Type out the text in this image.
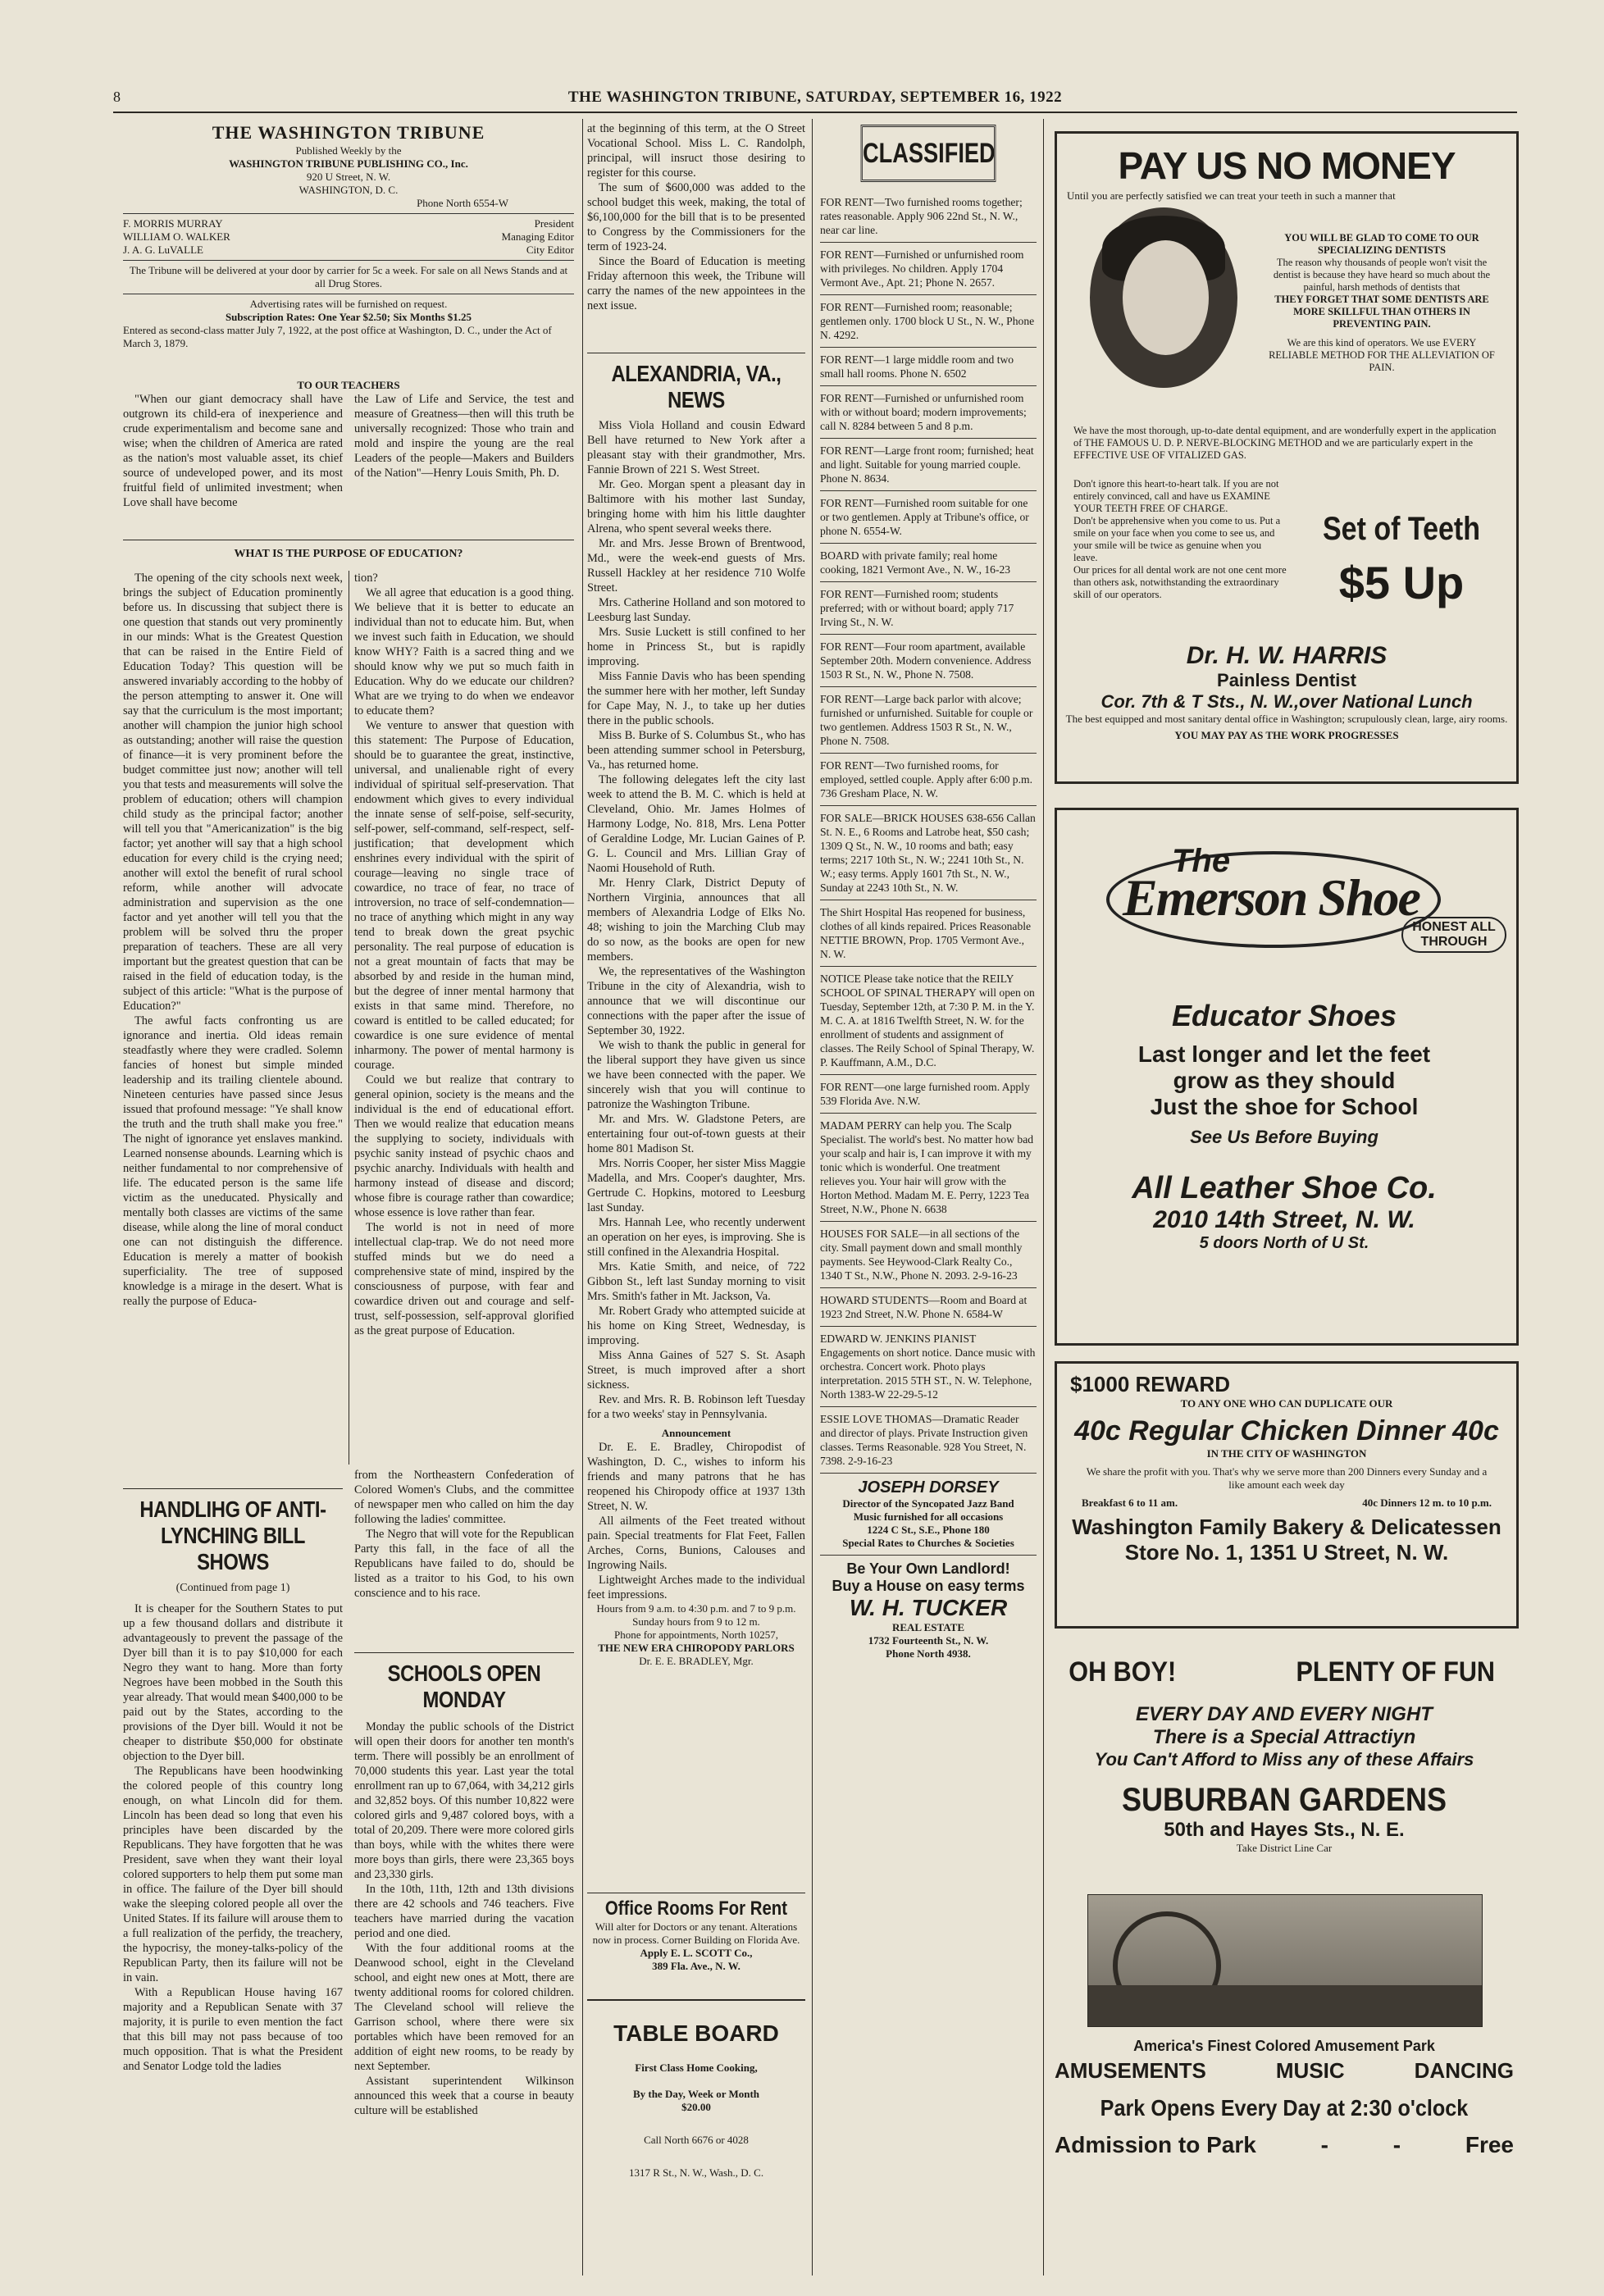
8	THE WASHINGTON TRIBUNE, SATURDAY, SEPTEMBER 16, 1922
THE WASHINGTON TRIBUNE
Published Weekly by the
WASHINGTON TRIBUNE PUBLISHING CO., Inc.
920 U Street, N. W.
WASHINGTON, D. C.
Phone North 6554-W
F. MORRIS MURRAY	President
WILLIAM O. WALKER	Managing Editor
J. A. G. LuVALLE	City Editor
The Tribune will be delivered at your door by carrier for 5c a week. For sale on all News Stands and at all Drug Stores.
Advertising rates will be furnished on request.
Subscription Rates: One Year $2.50; Six Months $1.25
Entered as second-class matter July 7, 1922, at the post office at Washington, D. C., under the Act of March 3, 1879.
TO OUR TEACHERS

"When our giant democracy shall have outgrown its child-era of inexperience and crude experimentalism and become sane and wise; when the children of America are rated as the nation's most valuable asset, its chief source of undeveloped power, and its most fruitful field of unlimited investment; when Love shall have become

the Law of Life and Service, the test and measure of Greatness—then will this truth be universally recognized: Those who train and mold and inspire the young are the real Leaders of the people—Makers and Builders of the Nation"—Henry Louis Smith, Ph. D.

WHAT IS THE PURPOSE OF EDUCATION?

The opening of the city schools next week, brings the subject of Education prominently before us. In discussing that subject there is one question that stands out very prominently in our minds: What is the Greatest Question that can be raised in the Entire Field of Education Today? This question will be answered invariably according to the hobby of the person attempting to answer it. One will say that the curriculum is the most important; another will champion the junior high school as outstanding; another will raise the question of finance—it is very prominent before the budget committee just now; another will tell you that tests and measurements will solve the problem of education; others will champion child study as the principal factor; another will tell you that "Americanization" is the big factor; yet another will say that a high school education for every child is the crying need; another will extol the benefit of rural school reform, while another will advocate administration and supervision as the one factor and yet another will tell you that the problem will be solved thru the proper preparation of teachers. These are all very important but the greatest question that can be raised in the field of education today, is the subject of this article: "What is the purpose of Education?"

The awful facts confronting us are ignorance and inertia. Old ideas remain steadfastly where they were cradled. Solemn fancies of honest but simple minded leadership and its trailing clientele abound. Nineteen centuries have passed since Jesus issued that profound message: "Ye shall know the truth and the truth shall make you free." The night of ignorance yet enslaves mankind. Learned nonsense abounds. Learning which is neither fundamental to nor comprehensive of life. The educated person is the same life victim as the uneducated. Physically and mentally both classes are victims of the same disease, while along the line of moral conduct one can not distinguish the difference. Education is merely a matter of bookish superficiality. The tree of supposed knowledge is a mirage in the desert. What is really the purpose of Educa-

tion?

We all agree that education is a good thing. We believe that it is better to educate an individual than not to educate him. But, when we invest such faith in Education, we should know WHY? Faith is a sacred thing and we should know why we put so much faith in Education. Why do we educate our children? What are we trying to do when we endeavor to educate them?

We venture to answer that question with this statement: The Purpose of Education, should be to guarantee the great, instinctive, universal, and unalienable right of every individual of spiritual self-preservation. That endowment which gives to every individual the innate sense of self-poise, self-security, self-power, self-command, self-respect, self-justification; that development which enshrines every individual with the spirit of courage—leaving no single trace of cowardice, no trace of fear, no trace of introversion, no trace of self-condemnation—no trace of anything which might in any way tend to break down the great psychic personality. The real purpose of education is not a great mountain of facts that may be absorbed by and reside in the human mind, but the degree of inner mental harmony that exists in that same mind. Therefore, no coward is entitled to be called educated; for cowardice is one sure evidence of mental inharmony. The power of mental harmony is courage.

Could we but realize that contrary to general opinion, society is the means and the individual is the end of educational effort. Then we would realize that education means the supplying to society, individuals with psychic sanity instead of psychic chaos and psychic anarchy. Individuals with health and harmony instead of disease and discord; whose fibre is courage rather than cowardice; whose essence is love rather than fear.

The world is not in need of more intellectual clap-trap. We do not need more stuffed minds but we do need a comprehensive state of mind, inspired by the consciousness of purpose, with fear and cowardice driven out and courage and self-trust, self-possession, self-approval glorified as the great purpose of Education.

HANDLIHG OF ANTI-
LYNCHING BILL SHOWS
(Continued from page 1)

It is cheaper for the Southern States to put up a few thousand dollars and distribute it advantageously to prevent the passage of the Dyer bill than it is to pay $10,000 for each Negro they want to hang. More than forty Negroes have been mobbed in the South this year already. That would mean $400,000 to be paid out by the States, according to the provisions of the Dyer bill. Would it not be cheaper to distribute $50,000 for obstinate objection to the Dyer bill.

The Republicans have been hoodwinking the colored people of this country long enough, on what Lincoln did for them. Lincoln has been dead so long that even his principles have been discarded by the Republicans. They have forgotten that he was President, save when they want their loyal colored supporters to help them put some man in office. The failure of the Dyer bill should wake the sleeping colored people all over the United States. If its failure will arouse them to a full realization of the perfidy, the treachery, the hypocrisy, the money-talks-policy of the Republican Party, then its failure will not be in vain.

With a Republican House having 167 majority and a Republican Senate with 37 majority, it is purile to even mention the fact that this bill may not pass because of too much opposition. That is what the President and Senator Lodge told the ladies

from the Northeastern Confederation of Colored Women's Clubs, and the committee of newspaper men who called on him the day following the ladies' committee.

The Negro that will vote for the Republican Party this fall, in the face of all the Republicans have failed to do, should be listed as a traitor to his God, to his own conscience and to his race.

SCHOOLS OPEN MONDAY

Monday the public schools of the District will open their doors for another ten month's term. There will possibly be an enrollment of 70,000 students this year. Last year the total enrollment ran up to 67,064, with 34,212 girls and 32,852 boys. Of this number 10,822 were colored girls and 9,487 colored boys, with a total of 20,209. There were more colored girls than boys, while with the whites there were more boys than girls, there were 23,365 boys and 23,330 girls.

In the 10th, 11th, 12th and 13th divisions there are 42 schools and 746 teachers. Five teachers have married during the vacation period and one died.

With the four additional rooms at the Deanwood school, eight in the Cleveland school, and eight new ones at Mott, there are twenty additional rooms for colored children. The Cleveland school will relieve the Garrison school, where there were six portables which have been removed for an addition of eight new rooms, to be ready by next September.

Assistant superintendent Wilkinson announced this week that a course in beauty culture will be established

at the beginning of this term, at the O Street Vocational School. Miss L. C. Randolph, principal, will insruct those desiring to register for this course.

The sum of $600,000 was added to the school budget this week, making, the total of $6,100,000 for the bill that is to be presented to Congress by the Commissioners for the term of 1923-24.

Since the Board of Education is meeting Friday afternoon this week, the Tribune will carry the names of the new appointees in the next issue.

ALEXANDRIA, VA., NEWS

Miss Viola Holland and cousin Edward Bell have returned to New York after a pleasant stay with their grandmother, Mrs. Fannie Brown of 221 S. West Street.

Mr. Geo. Morgan spent a pleasant day in Baltimore with his mother last Sunday, bringing home with him his little daughter Alrena, who spent several weeks there.

Mr. and Mrs. Jesse Brown of Brentwood, Md., were the week-end guests of Mrs. Russell Hackley at her residence 710 Wolfe Street.

Mrs. Catherine Holland and son motored to Leesburg last Sunday.

Mrs. Susie Luckett is still confined to her home in Princess St., but is rapidly improving.

Miss Fannie Davis who has been spending the summer here with her mother, left Sunday for Cape May, N. J., to take up her duties there in the public schools.

Miss B. Burke of S. Columbus St., who has been attending summer school in Petersburg, Va., has returned home.

The following delegates left the city last week to attend the B. M. C. which is held at Cleveland, Ohio. Mr. James Holmes of Harmony Lodge, No. 818, Mrs. Lena Potter of Geraldine Lodge, Mr. Lucian Gaines of P. G. L. Council and Mrs. Lillian Gray of Naomi Household of Ruth.

Mr. Henry Clark, District Deputy of Northern Virginia, announces that all members of Alexandria Lodge of Elks No. 48; wishing to join the Marching Club may do so now, as the books are open for new members.

We, the representatives of the Washington Tribune in the city of Alexandria, wish to announce that we will discontinue our connections with the paper after the issue of September 30, 1922.

We wish to thank the public in general for the liberal support they have given us since we have been connected with the paper. We sincerely wish that you will continue to patronize the Washington Tribune.

Mr. and Mrs. W. Gladstone Peters, are entertaining four out-of-town guests at their home 801 Madison St.

Mrs. Norris Cooper, her sister Miss Maggie Madella, and Mrs. Cooper's daughter, Mrs. Gertrude C. Hopkins, motored to Leesburg last Sunday.

Mrs. Hannah Lee, who recently underwent an operation on her eyes, is improving. She is still confined in the Alexandria Hospital.

Mrs. Katie Smith, and neice, of 722 Gibbon St., left last Sunday morning to visit Mrs. Smith's father in Mt. Jackson, Va.

Mr. Robert Grady who attempted suicide at his home on King Street, Wednesday, is improving.

Miss Anna Gaines of 527 S. St. Asaph Street, is much improved after a short sickness.

Rev. and Mrs. R. B. Robinson left Tuesday for a two weeks' stay in Pennsylvania.

Announcement

Dr. E. E. Bradley, Chiropodist of Washington, D. C., wishes to inform his friends and many patrons that he has reopened his Chiropody office at 1937 13th Street, N. W.

All ailments of the Feet treated without pain. Special treatments for Flat Feet, Fallen Arches, Corns, Bunions, Calouses and Ingrowing Nails.

Lightweight Arches made to the individual feet impressions.

Hours from 9 a.m. to 4:30 p.m. and 7 to 9 p.m.
Sunday hours from 9 to 12 m.
Phone for appointments, North 10257,
THE NEW ERA CHIROPODY PARLORS
Dr. E. E. BRADLEY, Mgr.
Office Rooms For Rent
Will alter for Doctors or any tenant. Alterations now in process. Corner Building on Florida Ave.
Apply E. L. SCOTT Co.,
389 Fla. Ave., N. W.
TABLE BOARD
First Class Home Cooking,
By the Day, Week or Month
$20.00
Call North 6676 or 4028
1317 R St., N. W., Wash., D. C.
CLASSIFIED
FOR RENT—Two furnished rooms together; rates reasonable. Apply 906 22nd St., N. W., near car line.
FOR RENT—Furnished or unfurnished room with privileges. No children. Apply 1704 Vermont Ave., Apt. 21; Phone N. 2657.
FOR RENT—Furnished room; reasonable; gentlemen only. 1700 block U St., N. W., Phone N. 4292.
FOR RENT—1 large middle room and two small hall rooms. Phone N. 6502
FOR RENT—Furnished or unfurnished room with or without board; modern improvements; call N. 8284 between 5 and 8 p.m.
FOR RENT—Large front room; furnished; heat and light. Suitable for young married couple. Phone N. 8634.
FOR RENT—Furnished room suitable for one or two gentlemen. Apply at Tribune's office, or phone N. 6554-W.
BOARD with private family; real home cooking, 1821 Vermont Ave., N. W., 16-23
FOR RENT—Furnished room; students preferred; with or without board; apply 717 Irving St., N. W.
FOR RENT—Four room apartment, available September 20th. Modern convenience. Address 1503 R St., N. W., Phone N. 7508.
FOR RENT—Large back parlor with alcove; furnished or unfurnished. Suitable for couple or two gentlemen. Address 1503 R St., N. W., Phone N. 7508.
FOR RENT—Two furnished rooms, for employed, settled couple. Apply after 6:00 p.m. 736 Gresham Place, N. W.
FOR SALE—BRICK HOUSES 638-656 Callan St. N. E., 6 Rooms and Latrobe heat, $50 cash; 1309 Q St., N. W., 10 rooms and bath; easy terms; 2217 10th St., N. W.; 2241 10th St., N. W.; easy terms. Apply 1601 7th St., N. W., Sunday at 2243 10th St., N. W.
The Shirt Hospital Has reopened for business, clothes of all kinds repaired. Prices Reasonable NETTIE BROWN, Prop. 1705 Vermont Ave., N. W.
NOTICE Please take notice that the REILY SCHOOL OF SPINAL THERAPY will open on Tuesday, September 12th, at 7:30 P. M. in the Y. M. C. A. at 1816 Twelfth Street, N. W. for the enrollment of students and assignment of classes. The Reily School of Spinal Therapy, W. P. Kauffmann, A.M., D.C.
FOR RENT—one large furnished room. Apply 539 Florida Ave. N.W.
MADAM PERRY can help you. The Scalp Specialist. The world's best. No matter how bad your scalp and hair is, I can improve it with my tonic which is wonderful. One treatment relieves you. Your hair will grow with the Horton Method. Madam M. E. Perry, 1223 Tea Street, N.W., Phone N. 6638
HOUSES FOR SALE—in all sections of the city. Small payment down and small monthly payments. See Heywood-Clark Realty Co., 1340 T St., N.W., Phone N. 2093. 2-9-16-23
HOWARD STUDENTS—Room and Board at 1923 2nd Street, N.W. Phone N. 6584-W
EDWARD W. JENKINS PIANIST Engagements on short notice. Dance music with orchestra. Concert work. Photo plays interpretation. 2015 5TH ST., N. W. Telephone, North 1383-W 22-29-5-12
ESSIE LOVE THOMAS—Dramatic Reader and director of plays. Private Instruction given classes. Terms Reasonable. 928 You Street, N. 7398. 2-9-16-23
JOSEPH DORSEY
Director of the Syncopated Jazz Band
Music furnished for all occasions
1224 C St., S.E., Phone 180
Special Rates to Churches & Societies
Be Your Own Landlord!
Buy a House on easy terms
W. H. TUCKER
REAL ESTATE
1732 Fourteenth St., N. W.
Phone North 4938.
PAY US NO MONEY
Until you are perfectly satisfied we can treat your teeth in such a manner that
YOU WILL BE GLAD TO COME TO OUR SPECIALIZING DENTISTS
The reason why thousands of people won't visit the dentist is because they have heard so much about the painful, harsh methods of dentists that
THEY FORGET THAT SOME DENTISTS ARE MORE SKILLFUL THAN OTHERS IN PREVENTING PAIN.
We are this kind of operators. We use EVERY RELIABLE METHOD FOR THE ALLEVIATION OF PAIN.
We have the most thorough, up-to-date dental equipment, and are wonderfully expert in the application of THE FAMOUS U. D. P. NERVE-BLOCKING METHOD and we are particularly expert in the EFFECTIVE USE OF VITALIZED GAS.
Don't ignore this heart-to-heart talk. If you are not entirely convinced, call and have us EXAMINE YOUR TEETH FREE OF CHARGE.
Don't be apprehensive when you come to us. Put a smile on your face when you come to see us, and your smile will be twice as genuine when you leave.
Our prices for all dental work are not one cent more than others ask, notwithstanding the extraordinary skill of our operators.
Set of Teeth
$5 Up
Dr. H. W. HARRIS
Painless Dentist
Cor. 7th & T Sts., N. W.,over National Lunch
The best equipped and most sanitary dental office in Washington; scrupulously clean, large, airy rooms.
YOU MAY PAY AS THE WORK PROGRESSES
The
Emerson Shoe
HONEST ALL THROUGH
Educator Shoes
Last longer and let the feet
grow as they should
Just the shoe for School
See Us Before Buying
All Leather Shoe Co.
2010 14th Street, N. W.
5 doors North of U St.
$1000 REWARD
TO ANY ONE WHO CAN DUPLICATE OUR
40c Regular Chicken Dinner 40c
IN THE CITY OF WASHINGTON
We share the profit with you. That's why we serve more than 200 Dinners every Sunday and a like amount each week day
Breakfast 6 to 11 am.	40c Dinners 12 m. to 10 p.m.
Washington Family Bakery & Delicatessen
Store No. 1, 1351 U Street, N. W.
OH BOY!	PLENTY OF FUN
EVERY DAY AND EVERY NIGHT
There is a Special Attractiyn
You Can't Afford to Miss any of these Affairs
SUBURBAN GARDENS
50th and Hayes Sts., N. E.
Take District Line Car
America's Finest Colored Amusement Park
AMUSEMENTS	MUSIC	DANCING
Park Opens Every Day at 2:30 o'clock
Admission to Park	-	-	Free
